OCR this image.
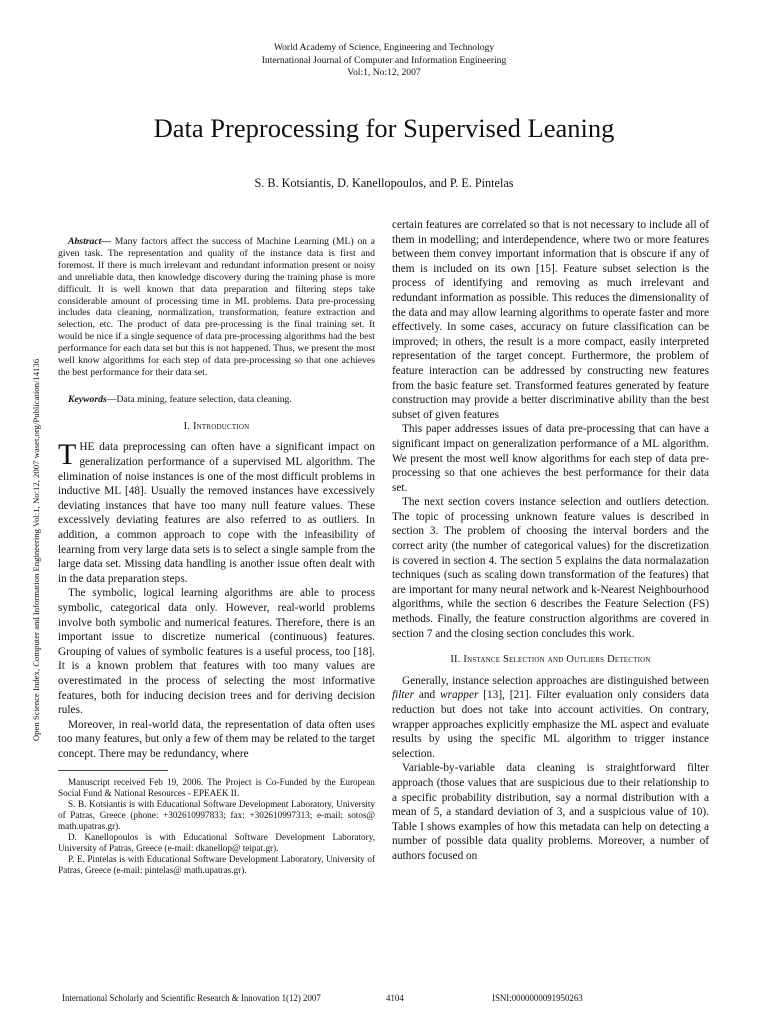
World Academy of Science, Engineering and Technology
International Journal of Computer and Information Engineering
Vol:1, No:12, 2007
Data Preprocessing for Supervised Leaning
S. B. Kotsiantis, D. Kanellopoulos, and P. E. Pintelas
Open Science Index, Computer and Information Engineering Vol:1, No:12, 2007 waset.org/Publication/14136
Abstract— Many factors affect the success of Machine Learning (ML) on a given task. The representation and quality of the instance data is first and foremost. If there is much irrelevant and redundant information present or noisy and unreliable data, then knowledge discovery during the training phase is more difficult. It is well known that data preparation and filtering steps take considerable amount of processing time in ML problems. Data pre-processing includes data cleaning, normalization, transformation, feature extraction and selection, etc. The product of data pre-processing is the final training set. It would be nice if a single sequence of data pre-processing algorithms had the best performance for each data set but this is not happened. Thus, we present the most well know algorithms for each step of data pre-processing so that one achieves the best performance for their data set.
Keywords—Data mining, feature selection, data cleaning.
I. Introduction

THE data preprocessing can often have a significant impact on generalization performance of a supervised ML algorithm. The elimination of noise instances is one of the most difficult problems in inductive ML [48]. Usually the removed instances have excessively deviating instances that have too many null feature values. These excessively deviating features are also referred to as outliers. In addition, a common approach to cope with the infeasibility of learning from very large data sets is to select a single sample from the large data set. Missing data handling is another issue often dealt with in the data preparation steps.

The symbolic, logical learning algorithms are able to process symbolic, categorical data only. However, real-world problems involve both symbolic and numerical features. Therefore, there is an important issue to discretize numerical (continuous) features. Grouping of values of symbolic features is a useful process, too [18]. It is a known problem that features with too many values are overestimated in the process of selecting the most informative features, both for inducing decision trees and for deriving decision rules.

Moreover, in real-world data, the representation of data often uses too many features, but only a few of them may be related to the target concept. There may be redundancy, where

Manuscript received Feb 19, 2006. The Project is Co-Funded by the European Social Fund & National Resources - EPEAEK II.

S. B. Kotsiantis is with Educational Software Development Laboratory, University of Patras, Greece (phone: +302610997833; fax: +302610997313; e-mail: sotos@ math.upatras.gr).

D. Kanellopoulos is with Educational Software Development Laboratory, University of Patras, Greece (e-mail: dkanellop@ teipat.gr).

P. E. Pintelas is with Educational Software Development Laboratory, University of Patras, Greece (e-mail: pintelas@ math.upatras.gr).

certain features are correlated so that is not necessary to include all of them in modelling; and interdependence, where two or more features between them convey important information that is obscure if any of them is included on its own [15]. Feature subset selection is the process of identifying and removing as much irrelevant and redundant information as possible. This reduces the dimensionality of the data and may allow learning algorithms to operate faster and more effectively. In some cases, accuracy on future classification can be improved; in others, the result is a more compact, easily interpreted representation of the target concept. Furthermore, the problem of feature interaction can be addressed by constructing new features from the basic feature set. Transformed features generated by feature construction may provide a better discriminative ability than the best subset of given features

This paper addresses issues of data pre-processing that can have a significant impact on generalization performance of a ML algorithm. We present the most well know algorithms for each step of data pre-processing so that one achieves the best performance for their data set.

The next section covers instance selection and outliers detection. The topic of processing unknown feature values is described in section 3. The problem of choosing the interval borders and the correct arity (the number of categorical values) for the discretization is covered in section 4. The section 5 explains the data normalazation techniques (such as scaling down transformation of the features) that are important for many neural network and k-Nearest Neighbourhood algorithms, while the section 6 describes the Feature Selection (FS) methods. Finally, the feature construction algorithms are covered in section 7 and the closing section concludes this work.

II. Instance Selection and Outliers Detection

Generally, instance selection approaches are distinguished between filter and wrapper [13], [21]. Filter evaluation only considers data reduction but does not take into account activities. On contrary, wrapper approaches explicitly emphasize the ML aspect and evaluate results by using the specific ML algorithm to trigger instance selection.

Variable-by-variable data cleaning is straightforward filter approach (those values that are suspicious due to their relationship to a specific probability distribution, say a normal distribution with a mean of 5, a standard deviation of 3, and a suspicious value of 10). Table I shows examples of how this metadata can help on detecting a number of possible data quality problems. Moreover, a number of authors focused on

International Scholarly and Scientific Research & Innovation 1(12) 2007	4104	ISNI:0000000091950263
